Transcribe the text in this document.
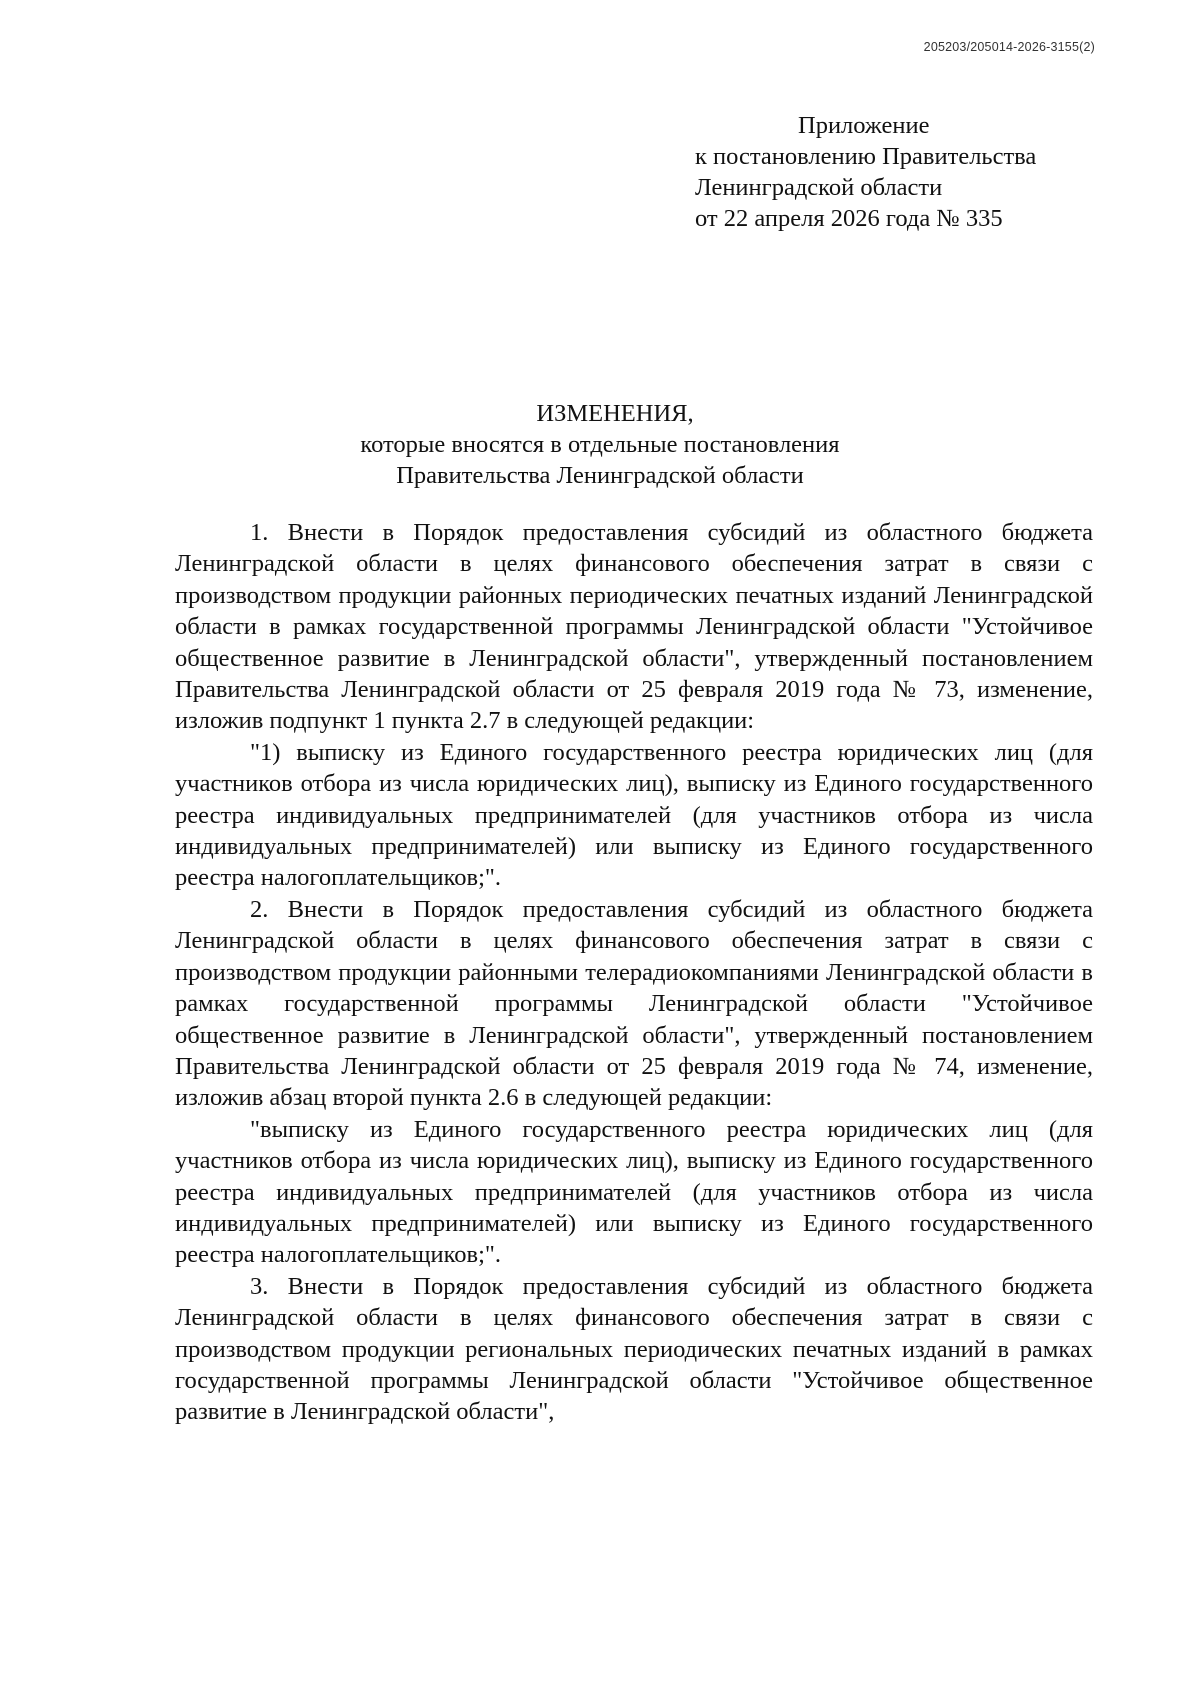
205203/205014-2026-3155(2)
Приложение
к постановлению Правительства
Ленинградской области
от 22 апреля 2026 года № 335
ИЗМЕНЕНИЯ,
которые вносятся в отдельные постановления
Правительства Ленинградской области

1. Внести в Порядок предоставления субсидий из областного бюджета Ленинградской области в целях финансового обеспечения затрат в связи с производством продукции районных периодических печатных изданий Ленинградской области в рамках государственной программы Ленинградской области "Устойчивое общественное развитие в Ленинградской области", утвержденный постановлением Правительства Ленинградской области от 25 февраля 2019 года № 73, изменение, изложив подпункт 1 пункта 2.7 в следующей редакции:

"1) выписку из Единого государственного реестра юридических лиц (для участников отбора из числа юридических лиц), выписку из Единого государственного реестра индивидуальных предпринимателей (для участников отбора из числа индивидуальных предпринимателей) или выписку из Единого государственного реестра налогоплательщиков;".

2. Внести в Порядок предоставления субсидий из областного бюджета Ленинградской области в целях финансового обеспечения затрат в связи с производством продукции районными телерадиокомпаниями Ленинградской области в рамках государственной программы Ленинградской области "Устойчивое общественное развитие в Ленинградской области", утвержденный постановлением Правительства Ленинградской области от 25 февраля 2019 года № 74, изменение, изложив абзац второй пункта 2.6 в следующей редакции:

"выписку из Единого государственного реестра юридических лиц (для участников отбора из числа юридических лиц), выписку из Единого государственного реестра индивидуальных предпринимателей (для участников отбора из числа индивидуальных предпринимателей) или выписку из Единого государственного реестра налогоплательщиков;".

3. Внести в Порядок предоставления субсидий из областного бюджета Ленинградской области в целях финансового обеспечения затрат в связи с производством продукции региональных периодических печатных изданий в рамках государственной программы Ленинградской области "Устойчивое общественное развитие в Ленинградской области",
